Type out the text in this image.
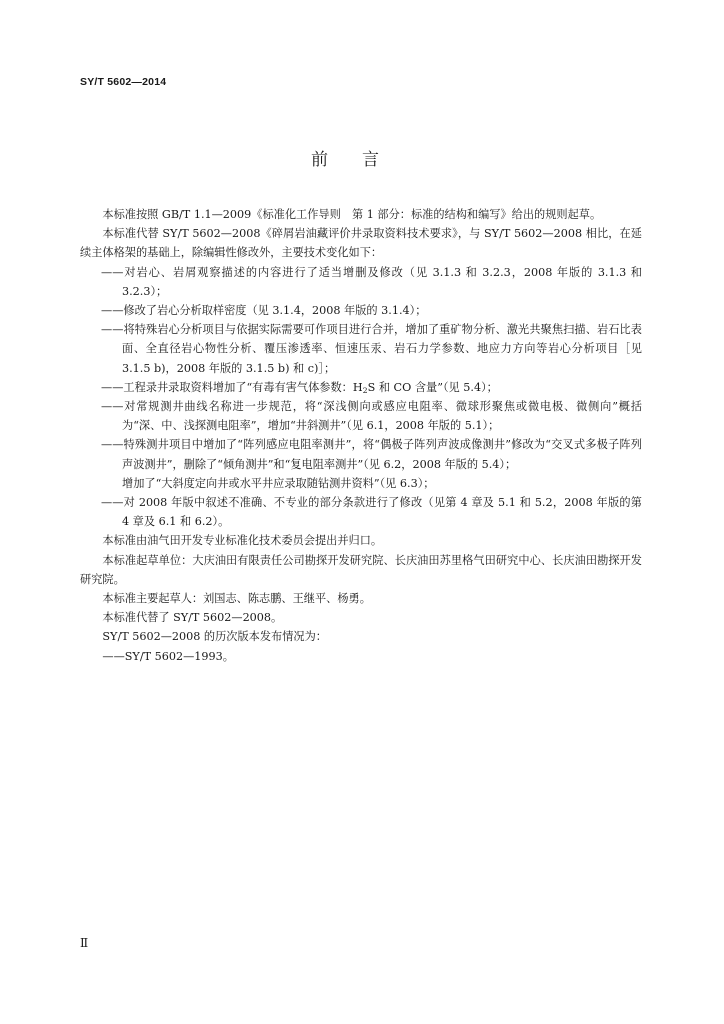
SY/T 5602—2014
前言

本标准按照 GB/T 1.1—2009《标准化工作导则　第 1 部分：标准的结构和编写》给出的规则起草。

本标准代替 SY/T 5602—2008《碎屑岩油藏评价井录取资料技术要求》，与 SY/T 5602—2008 相比，在延续主体格架的基础上，除编辑性修改外，主要技术变化如下：

——对岩心、岩屑观察描述的内容进行了适当增删及修改（见 3.1.3 和 3.2.3，2008 年版的 3.1.3 和 3.2.3）；

——修改了岩心分析取样密度（见 3.1.4，2008 年版的 3.1.4）；

——将特殊岩心分析项目与依据实际需要可作项目进行合并，增加了重矿物分析、激光共聚焦扫描、岩石比表面、全直径岩心物性分析、覆压渗透率、恒速压汞、岩石力学参数、地应力方向等岩心分析项目［见 3.1.5 b)，2008 年版的 3.1.5 b) 和 c)］；

——工程录井录取资料增加了“有毒有害气体参数：$H_2S$ 和 CO 含量”（见 5.4）；

——对常规测井曲线名称进一步规范，将“深浅侧向或感应电阻率、微球形聚焦或微电极、微侧向”概括为“深、中、浅探测电阻率”，增加“井斜测井”（见 6.1，2008 年版的 5.1）；

——特殊测井项目中增加了“阵列感应电阻率测井”，将“偶极子阵列声波成像测井”修改为“交叉式多极子阵列声波测井”，删除了“倾角测井”和“复电阻率测井”（见 6.2，2008 年版的 5.4）；

增加了“大斜度定向井或水平井应录取随钻测井资料”（见 6.3）；

——对 2008 年版中叙述不准确、不专业的部分条款进行了修改（见第 4 章及 5.1 和 5.2，2008 年版的第 4 章及 6.1 和 6.2）。

本标准由油气田开发专业标准化技术委员会提出并归口。

本标准起草单位：大庆油田有限责任公司勘探开发研究院、长庆油田苏里格气田研究中心、长庆油田勘探开发研究院。

本标准主要起草人：刘国志、陈志鹏、王继平、杨勇。

本标准代替了 SY/T 5602—2008。

SY/T 5602—2008 的历次版本发布情况为：

——SY/T 5602—1993。

Ⅱ
